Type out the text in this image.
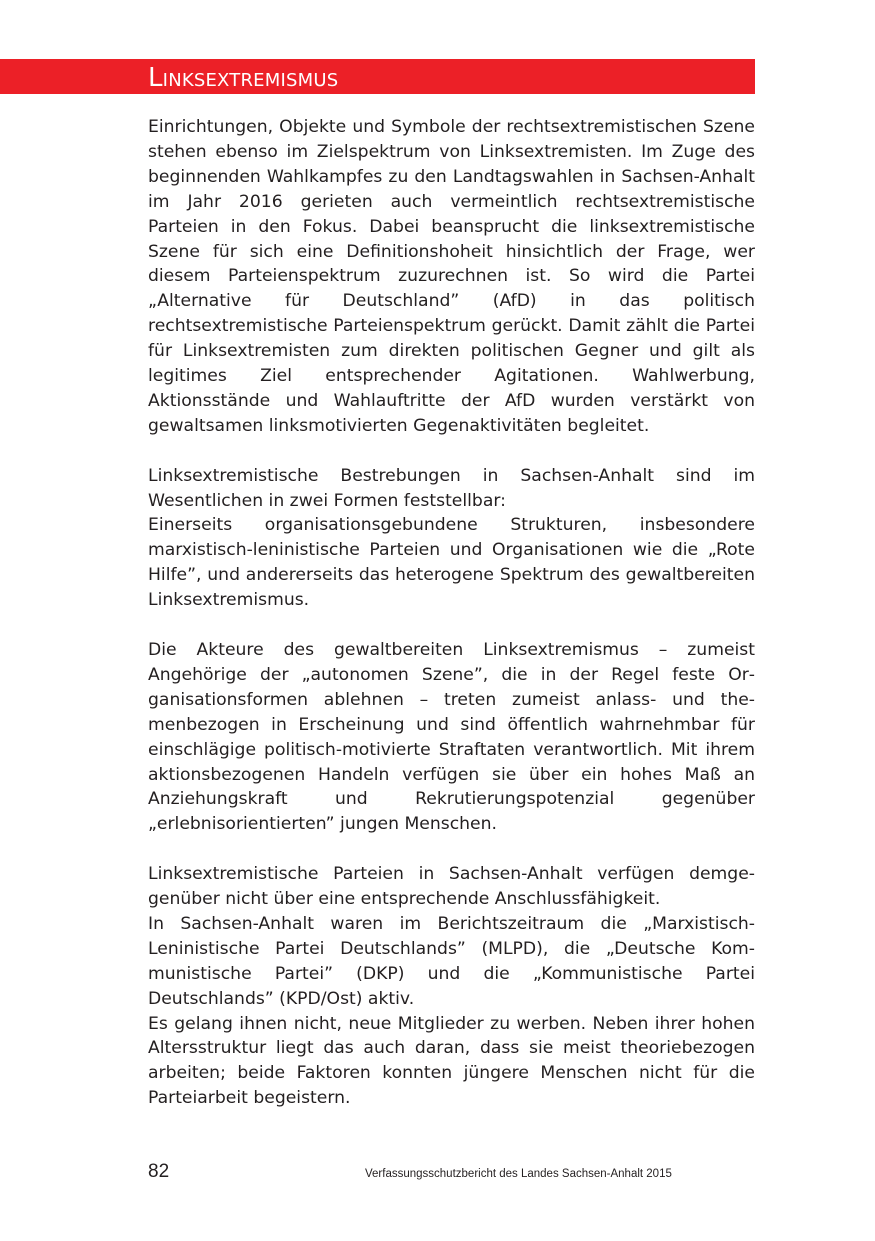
Linksextremismus

Einrichtungen, Objekte und Symbole der rechtsextremistischen Szene stehen ebenso im Zielspektrum von Linksextremisten. Im Zuge des beginnenden Wahlkampfes zu den Landtagswahlen in Sachsen-Anhalt im Jahr 2016 gerieten auch vermeintlich rechtsextremistische Parteien in den Fokus. Dabei beansprucht die linksextremistische Szene für sich eine Definitionshoheit hinsichtlich der Frage, wer diesem Parteienspektrum zuzurechnen ist. So wird die Partei „Alternative für Deutschland” (AfD) in das politisch rechtsextremistische Parteienspektrum gerückt. Damit zählt die Partei für Linksextremisten zum direkten politischen Gegner und gilt als legitimes Ziel entsprechender Agitationen. Wahlwerbung, Aktionsstände und Wahlauftritte der AfD wurden verstärkt von gewaltsamen linksmotivierten Gegenaktivitäten begleitet.

Linksextremistische Bestrebungen in Sachsen-Anhalt sind im Wesentlichen in zwei Formen feststellbar:

Einerseits organisationsgebundene Strukturen, insbesondere marxistisch-leninistische Parteien und Organisationen wie die „Rote Hilfe”, und andererseits das heterogene Spektrum des gewaltbereiten Linksextremismus.

Die Akteure des gewaltbereiten Linksextremismus – zumeist Angehörige der „autonomen Szene”, die in der Regel feste Organisationsformen ablehnen – treten zumeist anlass- und themenbezogen in Erscheinung und sind öffentlich wahrnehmbar für einschlägige politisch-motivierte Straftaten verantwortlich. Mit ihrem aktionsbezogenen Handeln verfügen sie über ein hohes Maß an Anziehungskraft und Rekrutierungspotenzial gegenüber „erlebnisorientierten” jungen Menschen.

Linksextremistische Parteien in Sachsen-Anhalt verfügen demgegenüber nicht über eine entsprechende Anschlussfähigkeit.

In Sachsen-Anhalt waren im Berichtszeitraum die „Marxistisch-Leninistische Partei Deutschlands” (MLPD), die „Deutsche Kommunistische Partei” (DKP) und die „Kommunistische Partei Deutschlands” (KPD/Ost) aktiv.

Es gelang ihnen nicht, neue Mitglieder zu werben. Neben ihrer hohen Altersstruktur liegt das auch daran, dass sie meist theoriebezogen arbeiten; beide Faktoren konnten jüngere Menschen nicht für die Parteiarbeit begeistern.

82	Verfassungsschutzbericht des Landes Sachsen-Anhalt 2015
